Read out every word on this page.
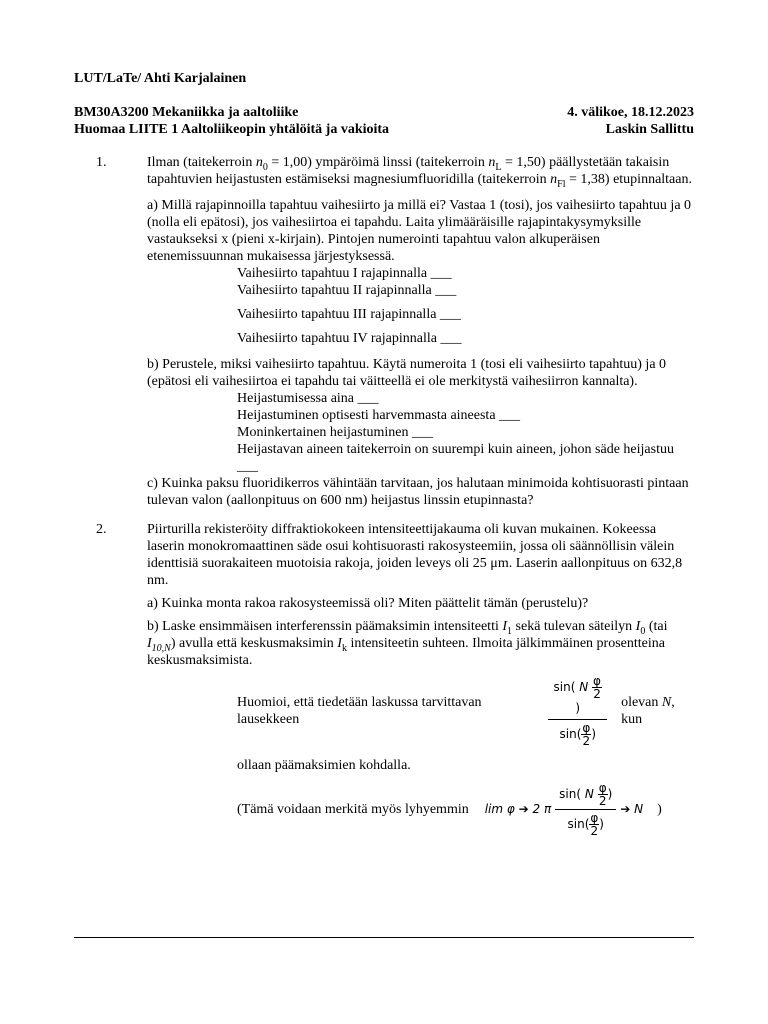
LUT/LaTe/ Ahti Karjalainen
BM30A3200 Mekaniikka ja aaltoliike	4. välikoe, 18.12.2023
Huomaa LIITE 1 Aaltoliikeopin yhtälöitä ja vakioita	Laskin Sallittu
1.	Ilman (taitekerroin $n_0 = 1,00$) ympäröimä linssi (taitekerroin $n_L = 1,50$) päällystetään takaisin tapahtuvien heijastusten estämiseksi magnesiumfluoridilla (taitekerroin $n_{Fl} = 1,38$) etupinnaltaan.

a) Millä rajapinnoilla tapahtuu vaihesiirto ja millä ei? Vastaa 1 (tosi), jos vaihesiirto tapahtuu ja 0 (nolla eli epätosi), jos vaihesiirtoa ei tapahdu. Laita ylimääräisille rajapintakysymyksille vastaukseksi x (pieni x-kirjain). Pintojen numerointi tapahtuu valon alkuperäisen etenemissuunnan mukaisessa järjestyksessä.

Vaihesiirto tapahtuu I rajapinnalla ___
Vaihesiirto tapahtuu II rajapinnalla ___
Vaihesiirto tapahtuu III rajapinnalla ___
Vaihesiirto tapahtuu IV rajapinnalla ___

b) Perustele, miksi vaihesiirto tapahtuu. Käytä numeroita 1 (tosi eli vaihesiirto tapahtuu) ja 0 (epätosi eli vaihesiirtoa ei tapahdu tai väitteellä ei ole merkitystä vaihesiirron kannalta).

Heijastumisessa aina ___
Heijastuminen optisesti harvemmasta aineesta ___
Moninkertainen heijastuminen ___
Heijastavan aineen taitekerroin on suurempi kuin aineen, johon säde heijastuu ___

c) Kuinka paksu fluoridikerros vähintään tarvitaan, jos halutaan minimoida kohtisuorasti pintaan tulevan valon (aallonpituus on 600 nm) heijastus linssin etupinnasta?

2.	Piirturilla rekisteröity diffraktiokokeen intensiteettijakauma oli kuvan mukainen. Kokeessa laserin monokromaattinen säde osui kohtisuorasti rakosysteemiin, jossa oli säännöllisin välein identtisiä suorakaiteen muotoisia rakoja, joiden leveys oli 25 μm. Laserin aallonpituus on 632,8 nm.

a) Kuinka monta rakoa rakosysteemissä oli? Miten päättelit tämän (perustelu)?

b) Laske ensimmäisen interferenssin päämaksimin intensiteetti $I_1$ sekä tulevan säteilyn $I_0$ (tai $I_{10,N}$) avulla että keskusmaksimin $I_k$ intensiteetin suhteen. Ilmoita jälkimmäinen prosentteina keskusmaksimista.

Huomioi, että tiedetään laskussa tarvittavan lausekkeen	sin( N $\frac{\varphi}{2}$
)
$\sin( \frac{\varphi}{2}$ ) olevan N, kun

ollaan päämaksimien kohdalla.

(Tämä voidaan merkitä myös lyhyemmin lim φ ➔ 2 π $\frac{\sin( N \frac{\varphi}{2} )}{\sin( \frac{\varphi}{2} )}$ ➔ N )
